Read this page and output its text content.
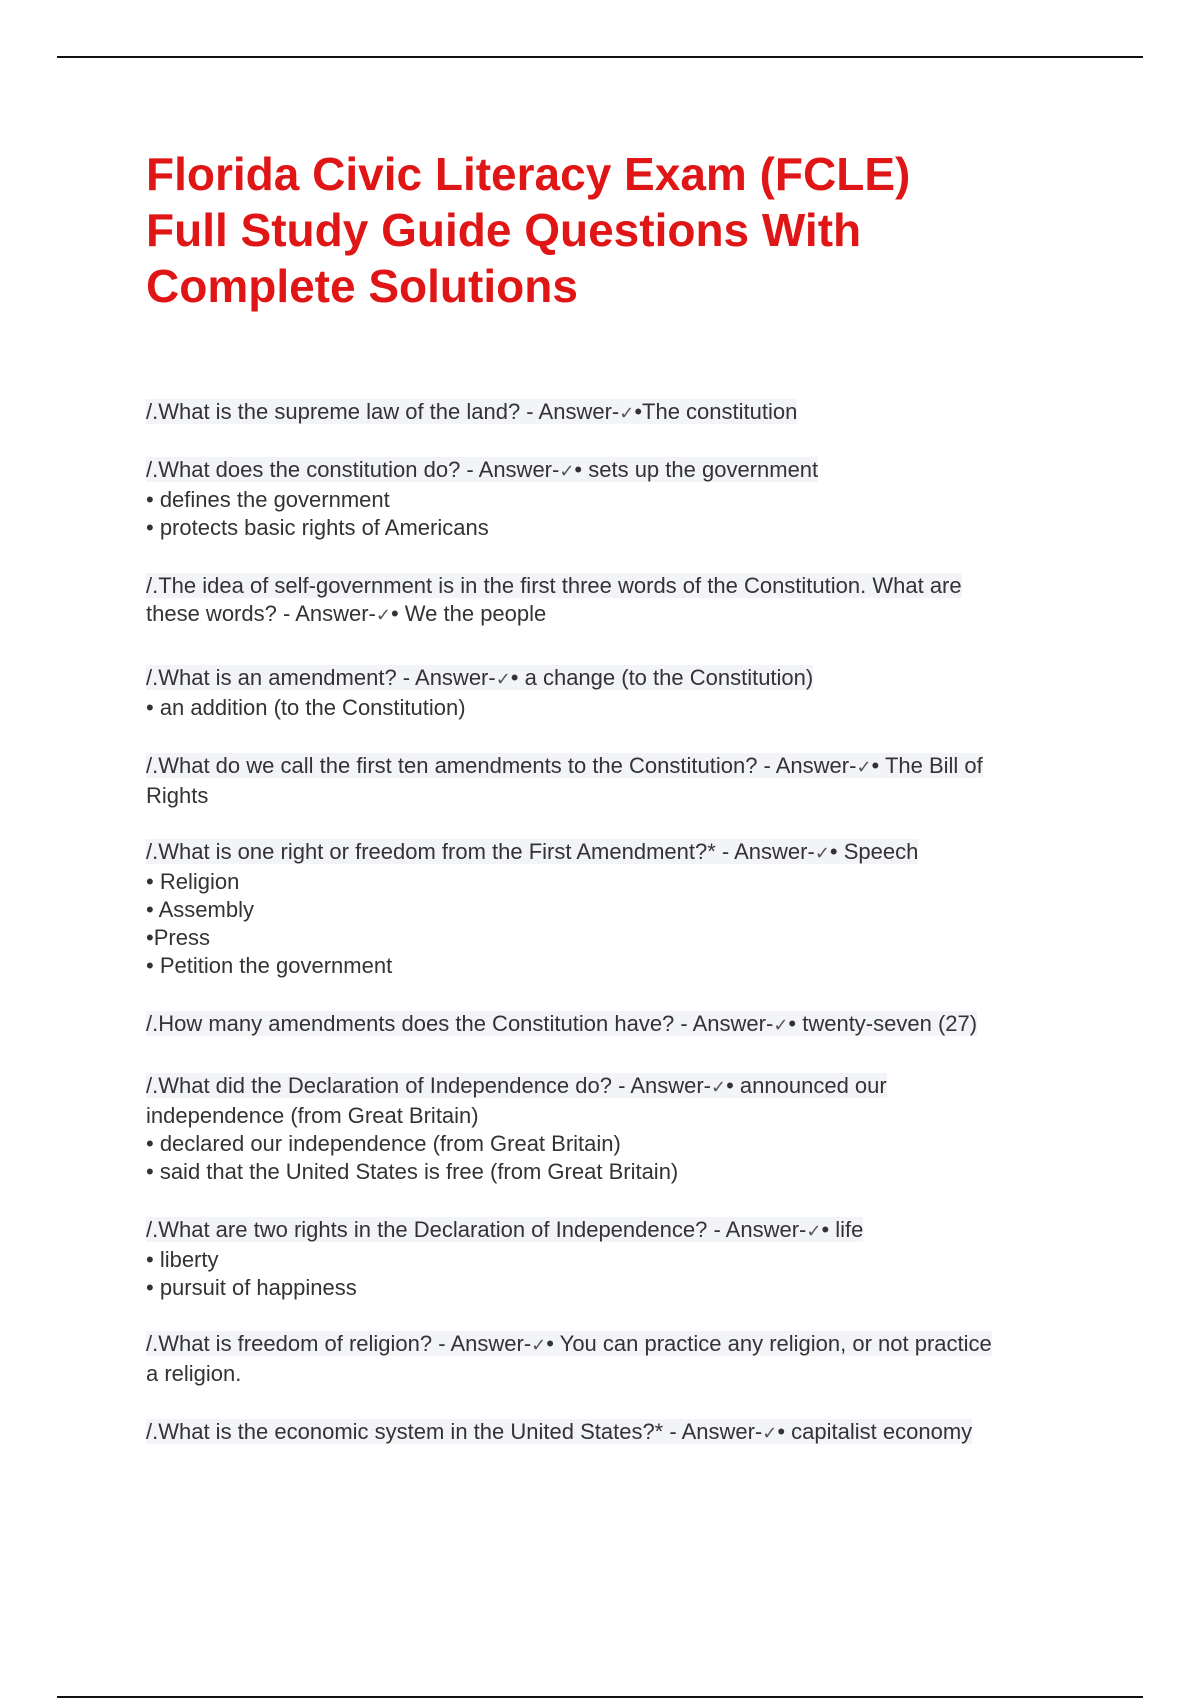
Florida Civic Literacy Exam (FCLE)
Full Study Guide Questions With
Complete Solutions
/.What is the supreme law of the land? - Answer-✓•The constitution
/.What does the constitution do? - Answer-✓• sets up the government
• defines the government
• protects basic rights of Americans
/.The idea of self-government is in the first three words of the Constitution. What are
these words? - Answer-✓• We the people
/.What is an amendment? - Answer-✓• a change (to the Constitution)
• an addition (to the Constitution)
/.What do we call the first ten amendments to the Constitution? - Answer-✓• The Bill of
Rights
/.What is one right or freedom from the First Amendment?* - Answer-✓• Speech
• Religion
• Assembly
•Press
• Petition the government
/.How many amendments does the Constitution have? - Answer-✓• twenty-seven (27)
/.What did the Declaration of Independence do? - Answer-✓• announced our
independence (from Great Britain)
• declared our independence (from Great Britain)
• said that the United States is free (from Great Britain)
/.What are two rights in the Declaration of Independence? - Answer-✓• life
• liberty
• pursuit of happiness
/.What is freedom of religion? - Answer-✓• You can practice any religion, or not practice
a religion.
/.What is the economic system in the United States?* - Answer-✓• capitalist economy
